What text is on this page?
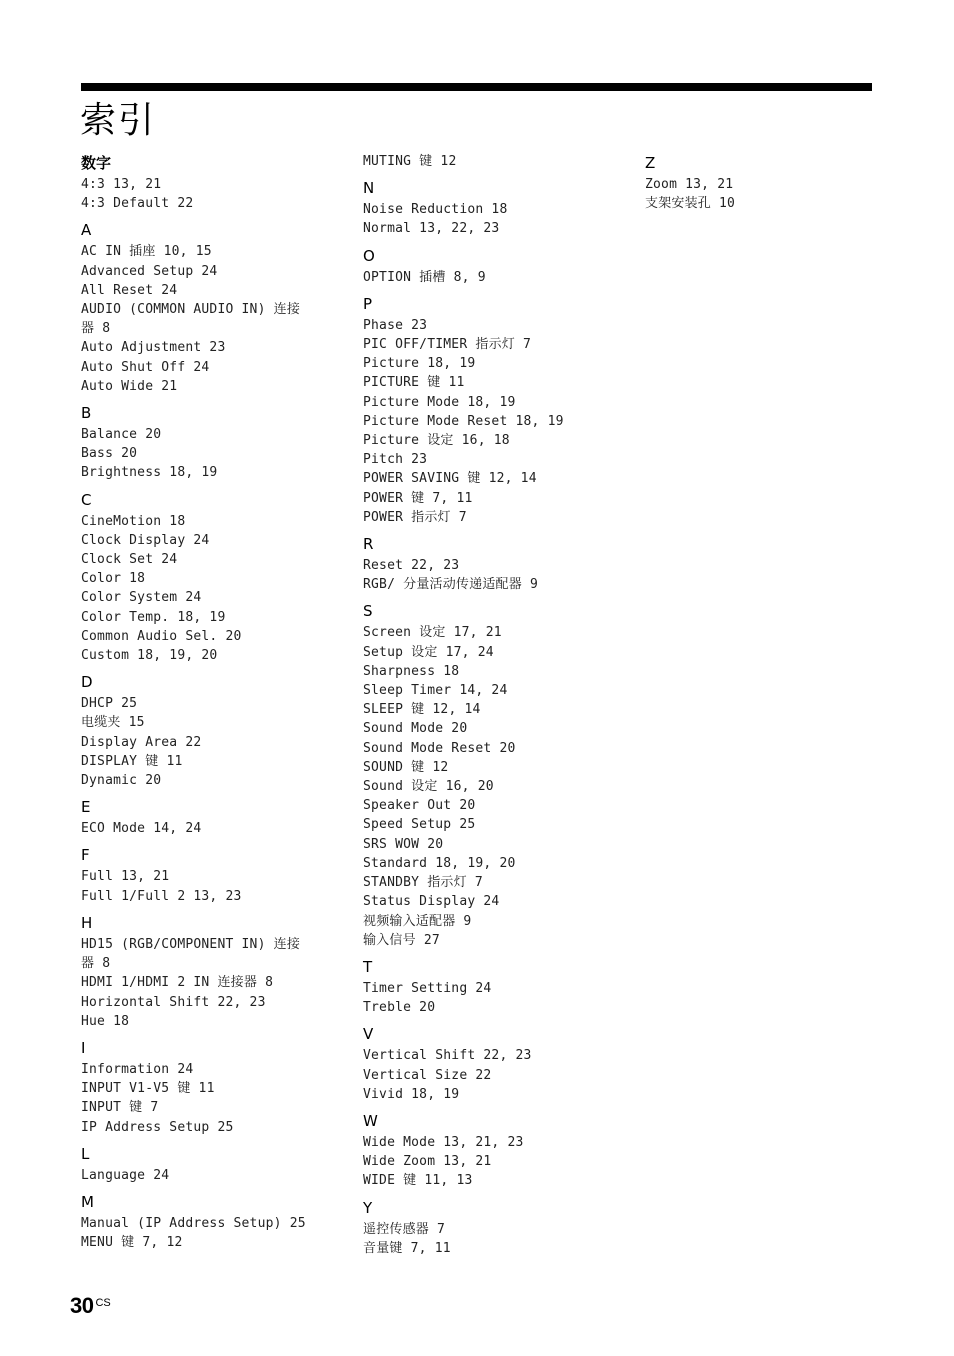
索引
数字
4:3 13, 21
4:3 Default 22
A
AC IN 插座 10, 15
Advanced Setup 24
All Reset 24
AUDIO (COMMON AUDIO IN) 连接器 8
Auto Adjustment 23
Auto Shut Off 24
Auto Wide 21
B
Balance 20
Bass 20
Brightness 18, 19
C
CineMotion 18
Clock Display 24
Clock Set 24
Color 18
Color System 24
Color Temp. 18, 19
Common Audio Sel. 20
Custom 18, 19, 20
D
DHCP 25
电缆夹 15
Display Area 22
DISPLAY 键 11
Dynamic 20
E
ECO Mode 14, 24
F
Full 13, 21
Full 1/Full 2 13, 23
H
HD15 (RGB/COMPONENT IN) 连接器 8
HDMI 1/HDMI 2 IN 连接器 8
Horizontal Shift 22, 23
Hue 18
I
Information 24
INPUT V1-V5 键 11
INPUT 键 7
IP Address Setup 25
L
Language 24
M
Manual (IP Address Setup) 25
MENU 键 7, 12
MUTING 键 12
N
Noise Reduction 18
Normal 13, 22, 23
O
OPTION 插槽 8, 9
P
Phase 23
PIC OFF/TIMER 指示灯 7
Picture 18, 19
PICTURE 键 11
Picture Mode 18, 19
Picture Mode Reset 18, 19
Picture 设定 16, 18
Pitch 23
POWER SAVING 键 12, 14
POWER 键 7, 11
POWER 指示灯 7
R
Reset 22, 23
RGB/ 分量活动传递适配器 9
S
Screen 设定 17, 21
Setup 设定 17, 24
Sharpness 18
Sleep Timer 14, 24
SLEEP 键 12, 14
Sound Mode 20
Sound Mode Reset 20
SOUND 键 12
Sound 设定 16, 20
Speaker Out 20
Speed Setup 25
SRS WOW 20
Standard 18, 19, 20
STANDBY 指示灯 7
Status Display 24
视频输入适配器 9
输入信号 27
T
Timer Setting 24
Treble 20
V
Vertical Shift 22, 23
Vertical Size 22
Vivid 18, 19
W
Wide Mode 13, 21, 23
Wide Zoom 13, 21
WIDE 键 11, 13
Y
遥控传感器 7
音量键 7, 11
Z
Zoom 13, 21
支架安装孔 10
30 $^{CS}$
